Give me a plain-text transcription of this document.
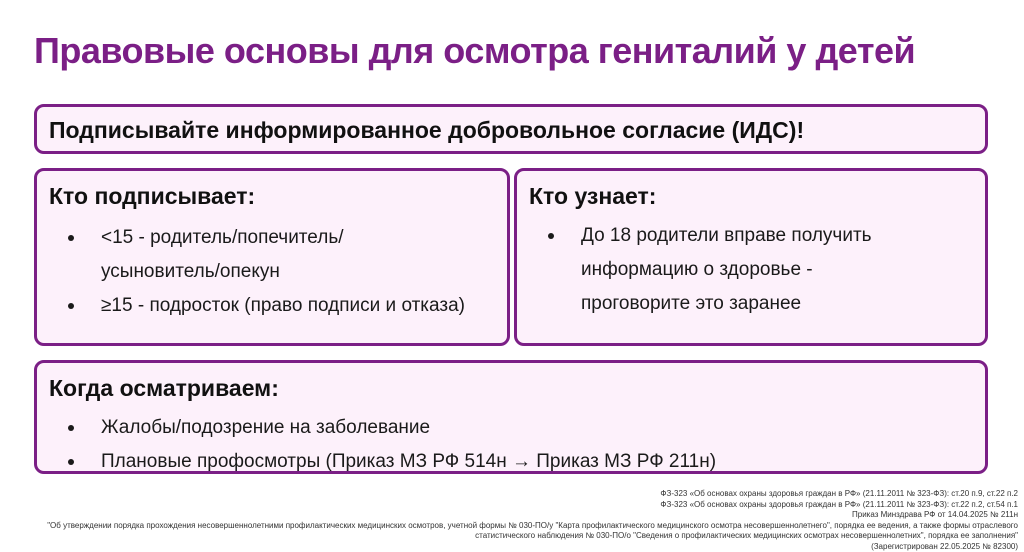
Правовые основы для осмотра гениталий у детей
Подписывайте информированное добровольное согласие (ИДС)!
Кто подписывает:
<15 - родитель/попечитель/ усыновитель/опекун
≥15 - подросток (право подписи и отказа)
Кто узнает:
До 18 родители вправе получить информацию о здоровье - проговорите это заранее
Когда осматриваем:
Жалобы/подозрение на заболевание
Плановые профосмотры (Приказ МЗ РФ 514н → Приказ МЗ РФ 211н)
ФЗ-323 «Об основах охраны здоровья граждан в РФ» (21.11.2011 № 323-ФЗ): ст.20 п.9, ст.22 п.2
ФЗ-323 «Об основах охраны здоровья граждан в РФ» (21.11.2011 № 323-ФЗ): ст.22 п.2, ст.54 п.1
Приказ Минздрава РФ от 14.04.2025 № 211н
"Об утверждении порядка прохождения несовершеннолетними профилактических медицинских осмотров, учетной формы № 030-ПО/у "Карта профилактического медицинского осмотра несовершеннолетнего", порядка ее ведения, а также формы отраслевого статистического наблюдения № 030-ПО/о "Сведения о профилактических медицинских осмотрах несовершеннолетних", порядка ее заполнения"
(Зарегистрирован 22.05.2025 № 82300)
